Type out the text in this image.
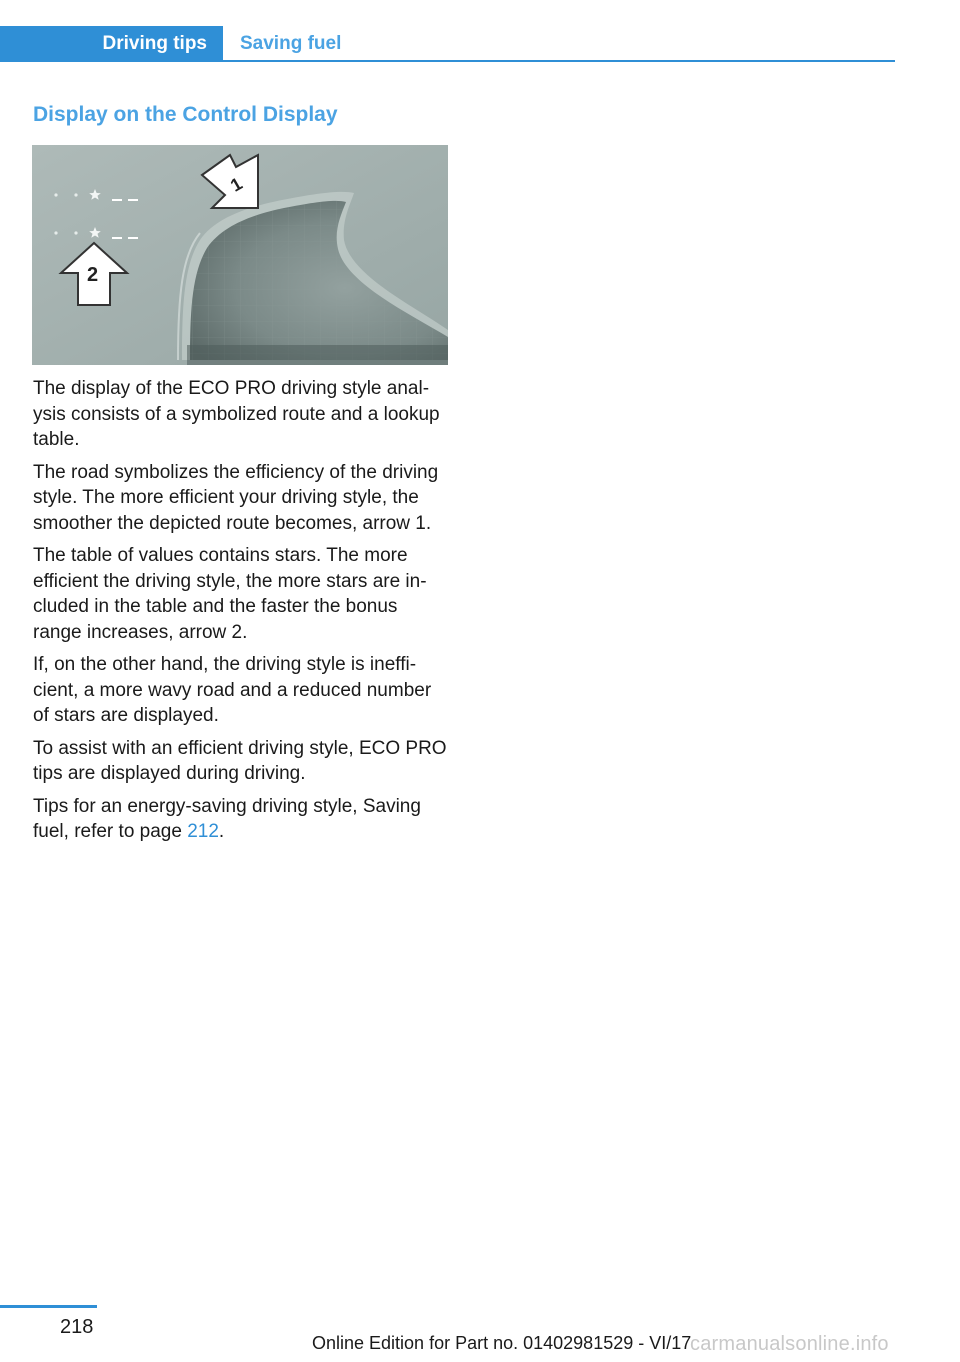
Driving tips	Saving fuel
Display on the Control Display
1
2

The display of the ECO PRO driving style analysis consists of a symbolized route and a lookup table.

The road symbolizes the efficiency of the driving style. The more efficient your driving style, the smoother the depicted route becomes, arrow 1.

The table of values contains stars. The more efficient the driving style, the more stars are included in the table and the faster the bonus range increases, arrow 2.

If, on the other hand, the driving style is inefficient, a more wavy road and a reduced number of stars are displayed.

To assist with an efficient driving style, ECO PRO tips are displayed during driving.

Tips for an energy-saving driving style, Saving fuel, refer to page 212.

218
Online Edition for Part no. 01402981529 - VI/17
carmanualsonline.info
